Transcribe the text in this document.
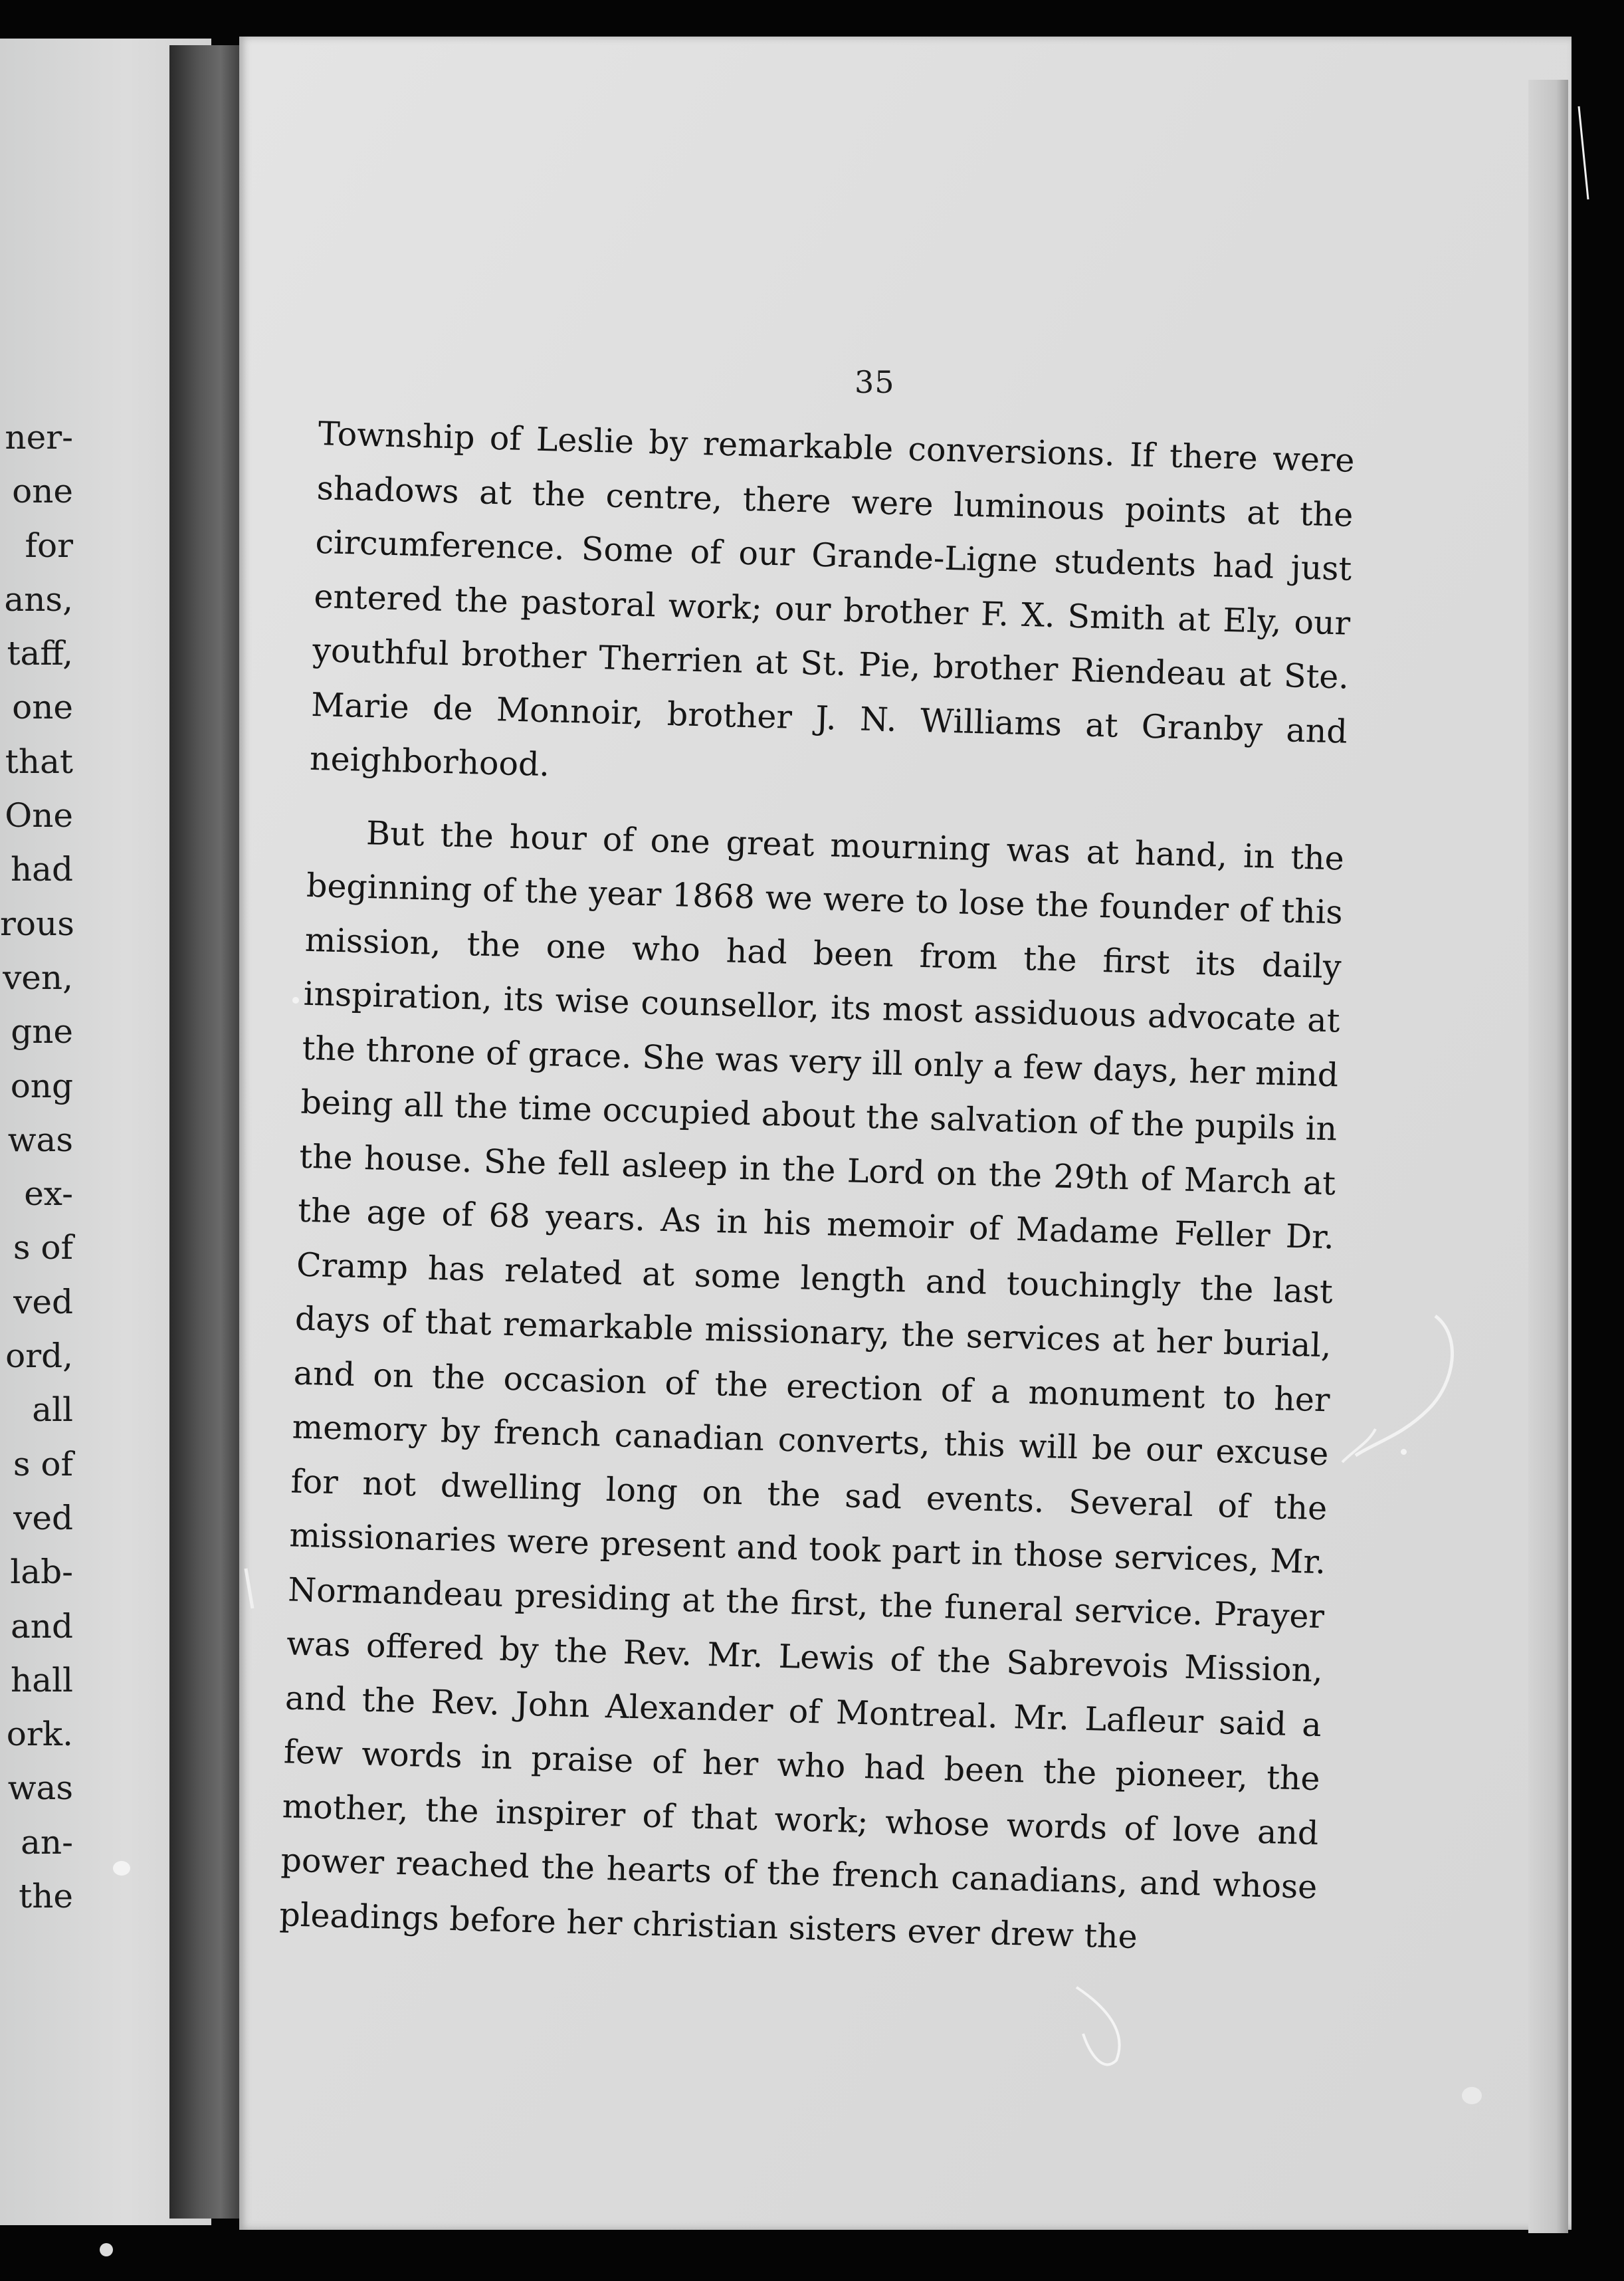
ner-
one
for
ans,
taff,
one
that
One
had
rous
ven,
gne
ong
was
ex-
s of
ved
ord,
all
s of
ved
lab-
and
hall
ork.
was
an-
the
35

Township of Leslie by remarkable conversions. If there were shadows at the centre, there were luminous points at the circumference. Some of our Grande-Ligne students had just entered the pastoral work; our brother F. X. Smith at Ely, our youthful brother Therrien at St. Pie, brother Riendeau at Ste. Marie de Monnoir, brother J. N. Williams at Granby and neighborhood.

But the hour of one great mourning was at hand, in the beginning of the year 1868 we were to lose the founder of this mission, the one who had been from the first its daily inspiration, its wise counsellor, its most assiduous advocate at the throne of grace. She was very ill only a few days, her mind being all the time occupied about the salvation of the pupils in the house. She fell asleep in the Lord on the 29th of March at the age of 68 years. As in his memoir of Madame Feller Dr. Cramp has related at some length and touchingly the last days of that remarkable missionary, the services at her burial, and on the occasion of the erection of a monument to her memory by french canadian converts, this will be our excuse for not dwelling long on the sad events. Several of the missionaries were present and took part in those services, Mr. Normandeau presiding at the first, the funeral service. Prayer was offered by the Rev. Mr. Lewis of the Sabrevois Mission, and the Rev. John Alexander of Montreal. Mr. Lafleur said a few words in praise of her who had been the pioneer, the mother, the inspirer of that work; whose words of love and power reached the hearts of the french canadians, and whose pleadings before her christian sisters ever drew the
